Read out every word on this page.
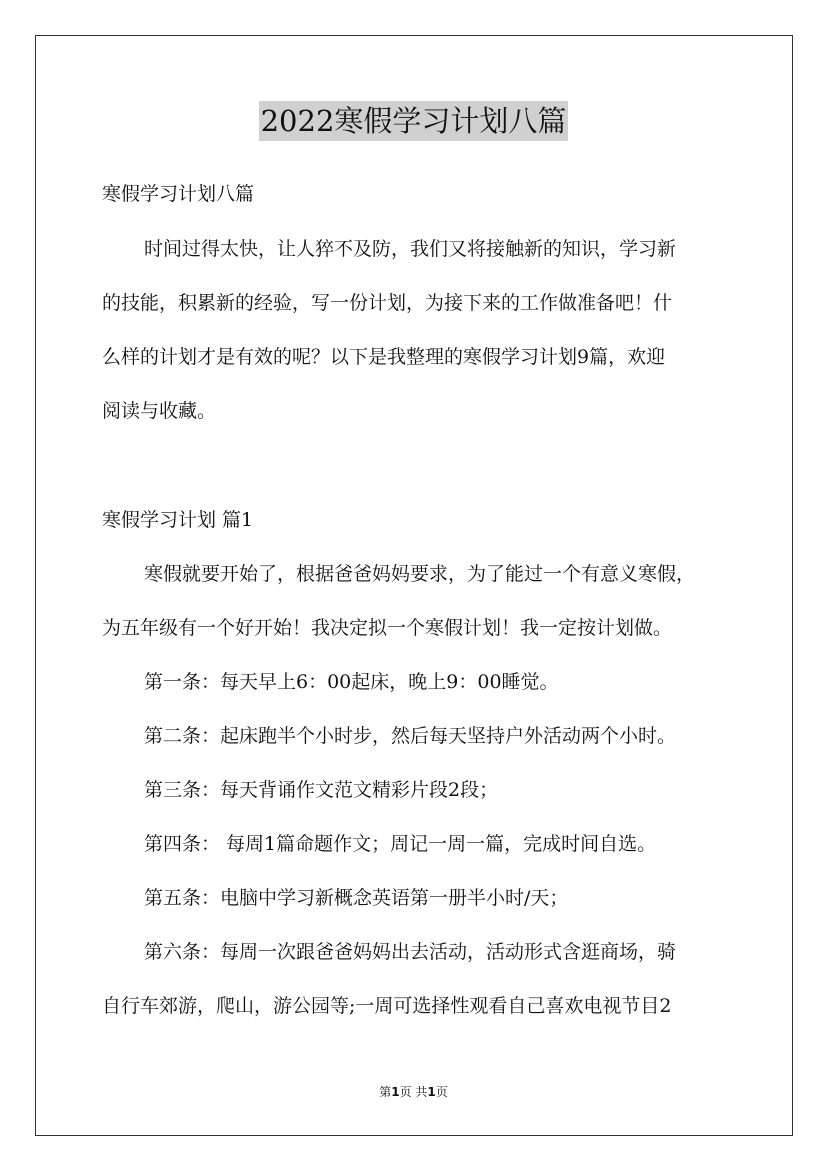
2022寒假学习计划八篇
寒假学习计划八篇
时间过得太快，让人猝不及防，我们又将接触新的知识，学习新
的技能，积累新的经验，写一份计划，为接下来的工作做准备吧！什
么样的计划才是有效的呢？以下是我整理的寒假学习计划9篇，欢迎
阅读与收藏。
寒假学习计划 篇1
寒假就要开始了，根据爸爸妈妈要求，为了能过一个有意义寒假，
为五年级有一个好开始！我决定拟一个寒假计划！我一定按计划做。
第一条：每天早上6：00起床，晚上9：00睡觉。
第二条：起床跑半个小时步，然后每天坚持户外活动两个小时。
第三条：每天背诵作文范文精彩片段2段；
第四条： 每周1篇命题作文；周记一周一篇，完成时间自选。
第五条：电脑中学习新概念英语第一册半小时/天；
第六条：每周一次跟爸爸妈妈出去活动，活动形式含逛商场，骑
自行车郊游，爬山，游公园等;一周可选择性观看自己喜欢电视节目2
第1页 共1页
